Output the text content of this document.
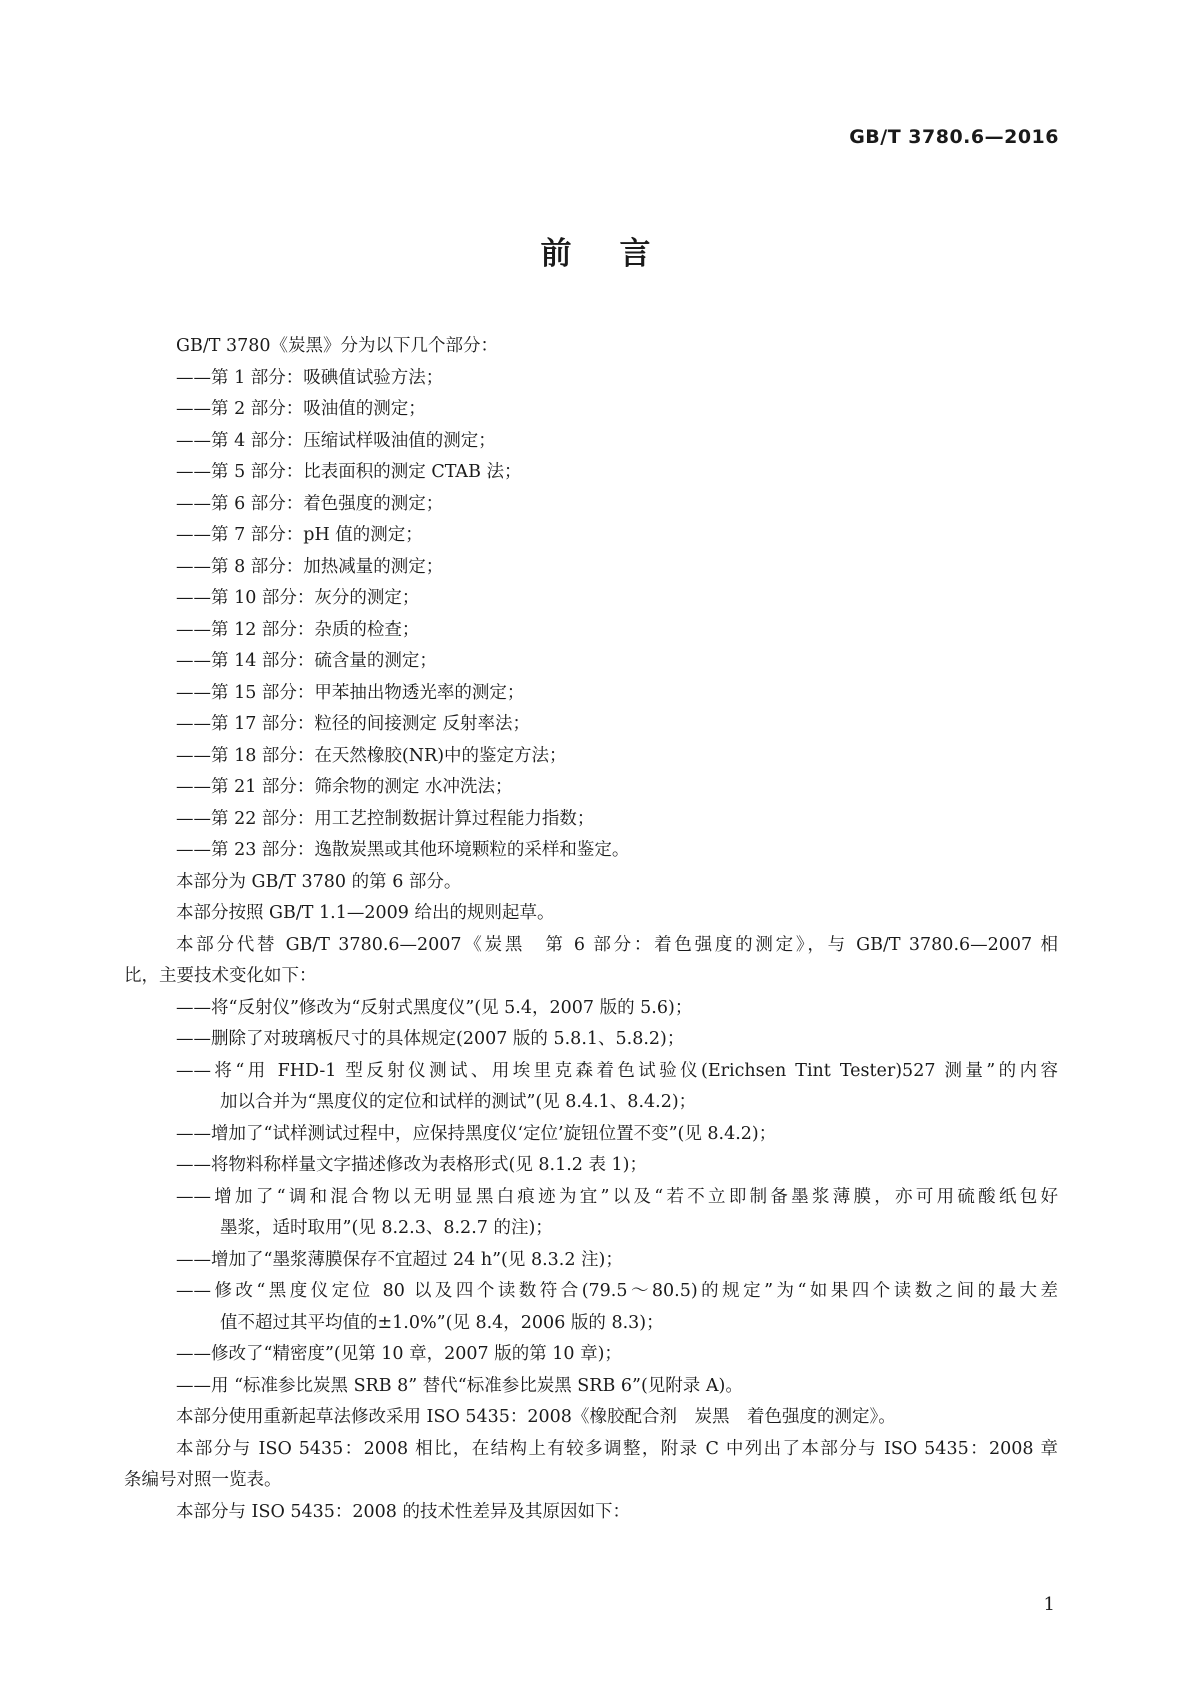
GB/T 3780.6—2016
前言
GB/T 3780《炭黑》分为以下几个部分：
——第 1 部分：吸碘值试验方法；
——第 2 部分：吸油值的测定；
——第 4 部分：压缩试样吸油值的测定；
——第 5 部分：比表面积的测定 CTAB 法；
——第 6 部分：着色强度的测定；
——第 7 部分：pH 值的测定；
——第 8 部分：加热减量的测定；
——第 10 部分：灰分的测定；
——第 12 部分：杂质的检查；
——第 14 部分：硫含量的测定；
——第 15 部分：甲苯抽出物透光率的测定；
——第 17 部分：粒径的间接测定 反射率法；
——第 18 部分：在天然橡胶(NR)中的鉴定方法；
——第 21 部分：筛余物的测定 水冲洗法；
——第 22 部分：用工艺控制数据计算过程能力指数；
——第 23 部分：逸散炭黑或其他环境颗粒的采样和鉴定。
本部分为 GB/T 3780 的第 6 部分。
本部分按照 GB/T 1.1—2009 给出的规则起草。
本部分代替 GB/T 3780.6—2007《炭黑　第 6 部分：着色强度的测定》，与 GB/T 3780.6—2007 相
比，主要技术变化如下：
——将“反射仪”修改为“反射式黑度仪”(见 5.4，2007 版的 5.6)；
——删除了对玻璃板尺寸的具体规定(2007 版的 5.8.1、5.8.2)；
——将“用 FHD-1 型反射仪测试、用埃里克森着色试验仪(Erichsen Tint Tester)527 测量”的内容
加以合并为“黑度仪的定位和试样的测试”(见 8.4.1、8.4.2)；
——增加了“试样测试过程中，应保持黑度仪‘定位’旋钮位置不变”(见 8.4.2)；
——将物料称样量文字描述修改为表格形式(见 8.1.2 表 1)；
——增加了“调和混合物以无明显黑白痕迹为宜”以及“若不立即制备墨浆薄膜，亦可用硫酸纸包好
墨浆，适时取用”(见 8.2.3、8.2.7 的注)；
——增加了“墨浆薄膜保存不宜超过 24 h”(见 8.3.2 注)；
——修改“黑度仪定位 80 以及四个读数符合(79.5～80.5)的规定”为“如果四个读数之间的最大差
值不超过其平均值的±1.0%”(见 8.4，2006 版的 8.3)；
——修改了“精密度”(见第 10 章，2007 版的第 10 章)；
——用 “标准参比炭黑 SRB 8” 替代“标准参比炭黑 SRB 6”(见附录 A)。
本部分使用重新起草法修改采用 ISO 5435：2008《橡胶配合剂　炭黑　着色强度的测定》。
本部分与 ISO 5435：2008 相比，在结构上有较多调整，附录 C 中列出了本部分与 ISO 5435：2008 章
条编号对照一览表。
本部分与 ISO 5435：2008 的技术性差异及其原因如下：
1
